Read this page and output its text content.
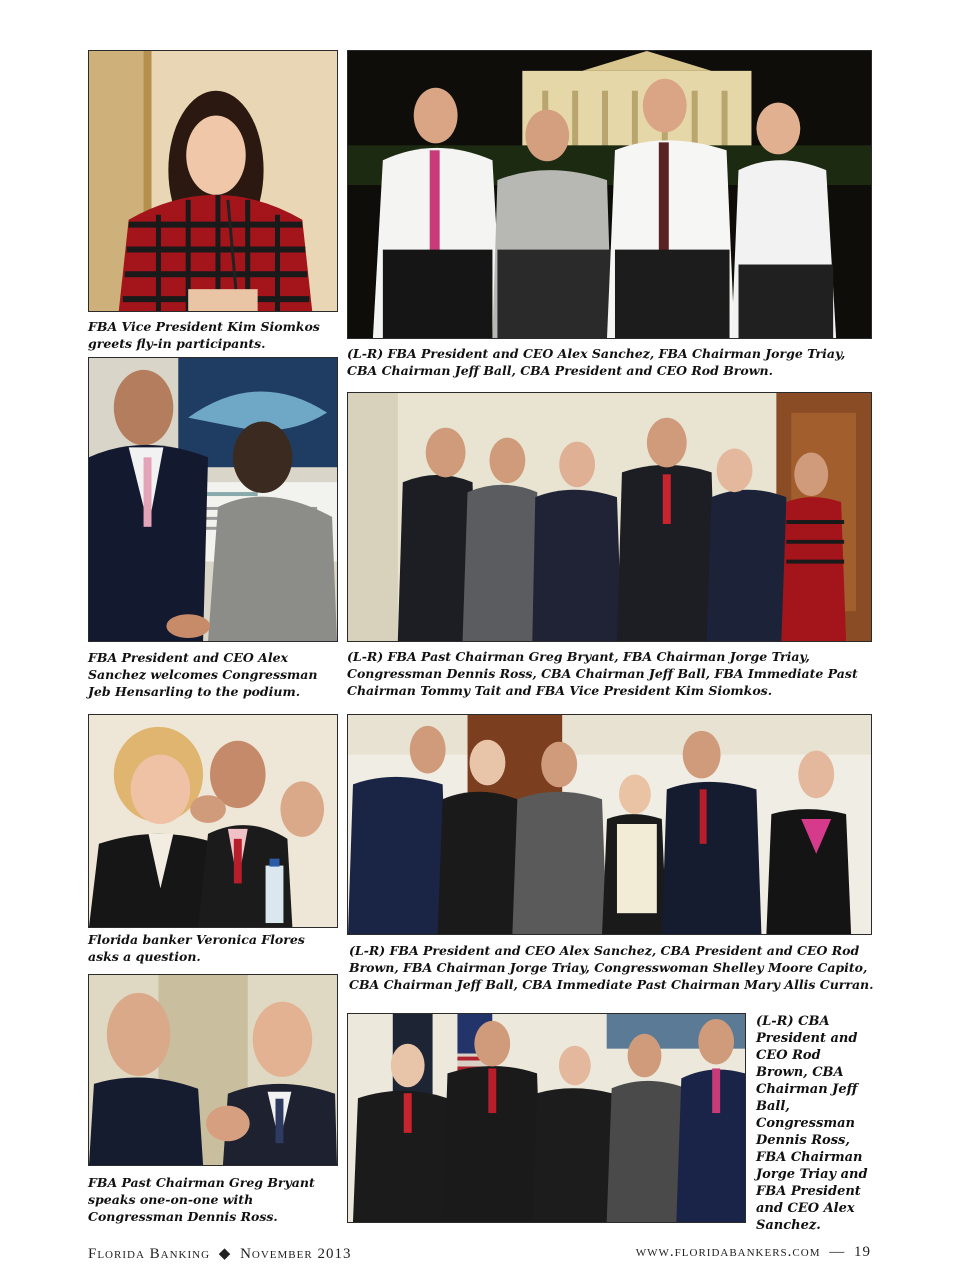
FBA Vice President Kim Siomkos greets fly-in participants.

(L-R) FBA President and CEO Alex Sanchez, FBA Chairman Jorge Triay, CBA Chairman Jeff Ball, CBA President and CEO Rod Brown.

FBA President and CEO Alex Sanchez welcomes Congressman Jeb Hensarling to the podium.

(L-R) FBA Past Chairman Greg Bryant, FBA Chairman Jorge Triay, Congressman Dennis Ross, CBA Chairman Jeff Ball, FBA Immediate Past Chairman Tommy Tait and FBA Vice President Kim Siomkos.

Florida banker Veronica Flores asks a question.	(L-R) FBA President and CEO Alex Sanchez, CBA President and CEO Rod Brown, FBA Chairman Jorge Triay, Congresswoman Shelley Moore Capito, CBA Chairman Jeff Ball, CBA Immediate Past Chairman Mary Allis Curran.

FBA Past Chairman Greg Bryant speaks one-on-one with Congressman Dennis Ross.

(L-R) CBA President and CEO Rod Brown, CBA Chairman Jeff Ball, Congressman Dennis Ross, FBA Chairman Jorge Triay and FBA President and CEO Alex Sanchez.

Florida Banking ◆ November 2013	www.floridabankers.com — 19
